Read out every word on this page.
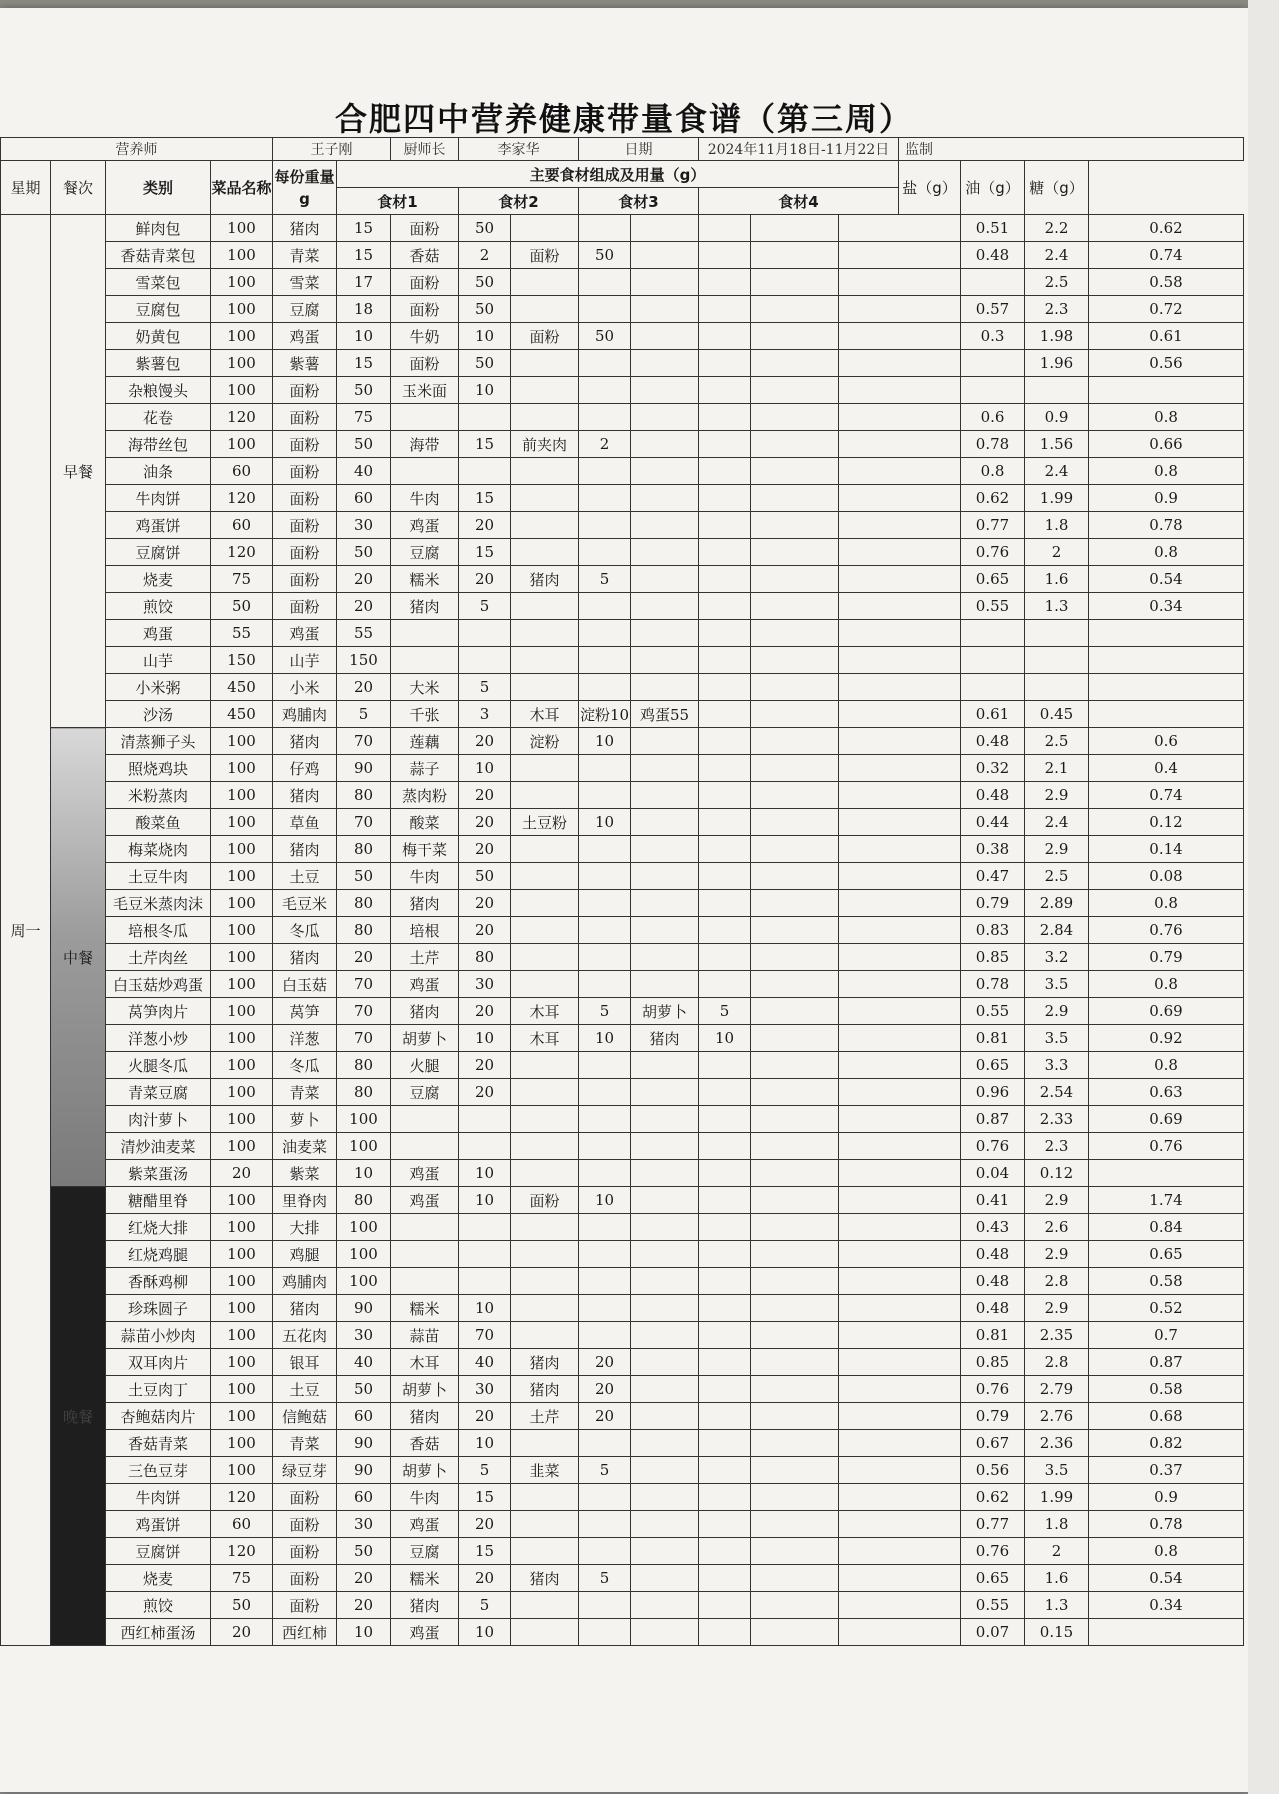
合肥四中营养健康带量食谱（第三周）
营养师				王子刚		厨师长	李家华		日期		2024年11月18日-11月22日			监制			
星期	餐次	类别	菜品名称	每份重量g	主要食材组成及用量（g）									盐（g）	油（g）	糖（g）	
					食材1		食材2		食材3		食材4						
周一	早餐	鲜肉包	100	猪肉	15	面粉	50								0.51	2.2	0.62
		香菇青菜包	100	青菜	15	香菇	2	面粉	50						0.48	2.4	0.74
		雪菜包	100	雪菜	17	面粉	50									2.5	0.58
		豆腐包	100	豆腐	18	面粉	50								0.57	2.3	0.72
		奶黄包	100	鸡蛋	10	牛奶	10	面粉	50						0.3	1.98	0.61
		紫薯包	100	紫薯	15	面粉	50									1.96	0.56
		杂粮馒头	100	面粉	50	玉米面	10										
		花卷	120	面粉	75										0.6	0.9	0.8
		海带丝包	100	面粉	50	海带	15	前夹肉	2						0.78	1.56	0.66
		油条	60	面粉	40										0.8	2.4	0.8
		牛肉饼	120	面粉	60	牛肉	15								0.62	1.99	0.9
		鸡蛋饼	60	面粉	30	鸡蛋	20								0.77	1.8	0.78
		豆腐饼	120	面粉	50	豆腐	15								0.76	2	0.8
		烧麦	75	面粉	20	糯米	20	猪肉	5						0.65	1.6	0.54
		煎饺	50	面粉	20	猪肉	5								0.55	1.3	0.34
		鸡蛋	55	鸡蛋	55												
		山芋	150	山芋	150												
		小米粥	450	小米	20	大米	5										
		沙汤	450	鸡脯肉	5	千张	3	木耳	淀粉10	鸡蛋55					0.61	0.45	
	中餐	清蒸狮子头	100	猪肉	70	莲藕	20	淀粉	10						0.48	2.5	0.6
		照烧鸡块	100	仔鸡	90	蒜子	10								0.32	2.1	0.4
		米粉蒸肉	100	猪肉	80	蒸肉粉	20								0.48	2.9	0.74
		酸菜鱼	100	草鱼	70	酸菜	20	土豆粉	10						0.44	2.4	0.12
		梅菜烧肉	100	猪肉	80	梅干菜	20								0.38	2.9	0.14
		土豆牛肉	100	土豆	50	牛肉	50								0.47	2.5	0.08
		毛豆米蒸肉沫	100	毛豆米	80	猪肉	20								0.79	2.89	0.8
		培根冬瓜	100	冬瓜	80	培根	20								0.83	2.84	0.76
		土芹肉丝	100	猪肉	20	土芹	80								0.85	3.2	0.79
		白玉菇炒鸡蛋	100	白玉菇	70	鸡蛋	30								0.78	3.5	0.8
		莴笋肉片	100	莴笋	70	猪肉	20	木耳	5	胡萝卜	5				0.55	2.9	0.69
		洋葱小炒	100	洋葱	70	胡萝卜	10	木耳	10	猪肉	10				0.81	3.5	0.92
		火腿冬瓜	100	冬瓜	80	火腿	20								0.65	3.3	0.8
		青菜豆腐	100	青菜	80	豆腐	20								0.96	2.54	0.63
		肉汁萝卜	100	萝卜	100										0.87	2.33	0.69
		清炒油麦菜	100	油麦菜	100										0.76	2.3	0.76
		紫菜蛋汤	20	紫菜	10	鸡蛋	10								0.04	0.12	
	晚餐	糖醋里脊	100	里脊肉	80	鸡蛋	10	面粉	10						0.41	2.9	1.74
		红烧大排	100	大排	100										0.43	2.6	0.84
		红烧鸡腿	100	鸡腿	100										0.48	2.9	0.65
		香酥鸡柳	100	鸡脯肉	100										0.48	2.8	0.58
		珍珠圆子	100	猪肉	90	糯米	10								0.48	2.9	0.52
		蒜苗小炒肉	100	五花肉	30	蒜苗	70								0.81	2.35	0.7
		双耳肉片	100	银耳	40	木耳	40	猪肉	20						0.85	2.8	0.87
		土豆肉丁	100	土豆	50	胡萝卜	30	猪肉	20						0.76	2.79	0.58
		杏鲍菇肉片	100	信鲍菇	60	猪肉	20	土芹	20						0.79	2.76	0.68
		香菇青菜	100	青菜	90	香菇	10								0.67	2.36	0.82
		三色豆芽	100	绿豆芽	90	胡萝卜	5	韭菜	5						0.56	3.5	0.37
		牛肉饼	120	面粉	60	牛肉	15								0.62	1.99	0.9
		鸡蛋饼	60	面粉	30	鸡蛋	20								0.77	1.8	0.78
		豆腐饼	120	面粉	50	豆腐	15								0.76	2	0.8
		烧麦	75	面粉	20	糯米	20	猪肉	5						0.65	1.6	0.54
		煎饺	50	面粉	20	猪肉	5								0.55	1.3	0.34
		西红柿蛋汤	20	西红柿	10	鸡蛋	10								0.07	0.15	
